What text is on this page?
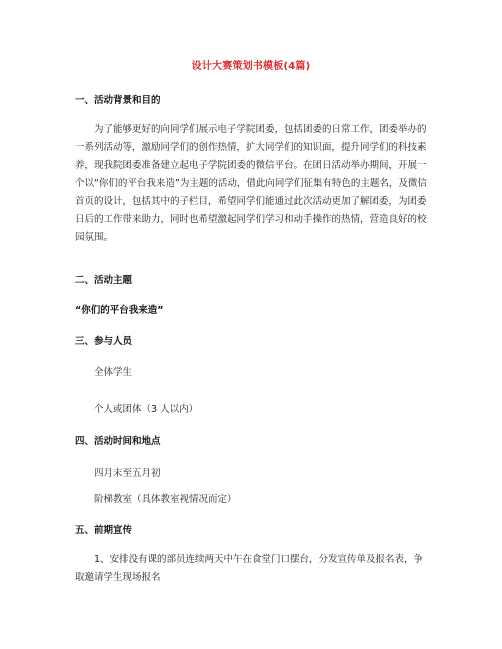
设计大赛策划书模板(4篇)
一、活动背景和目的
为了能够更好的向同学们展示电子学院团委，包括团委的日常工作，团委举办的一系列活动等，激励同学们的创作热情，扩大同学们的知识面，提升同学们的科技素养，现我院团委准备建立起电子学院团委的微信平台。在团日活动举办期间，开展一个以“你们的平台我来造”为主题的活动，借此向同学们征集有特色的主题名，及微信首页的设计，包括其中的子栏目，希望同学们能通过此次活动更加了解团委，为团委日后的工作带来助力，同时也希望激起同学们学习和动手操作的热情，营造良好的校园氛围。
二、活动主题
“你们的平台我来造”
三、参与人员
全体学生
个人或团体（3 人以内）
四、活动时间和地点
四月末至五月初
阶梯教室（具体教室视情况而定）
五、前期宣传
1、安排没有课的部员连续两天中午在食堂门口摆台，分发宣传单及报名表，争取邀请学生现场报名
